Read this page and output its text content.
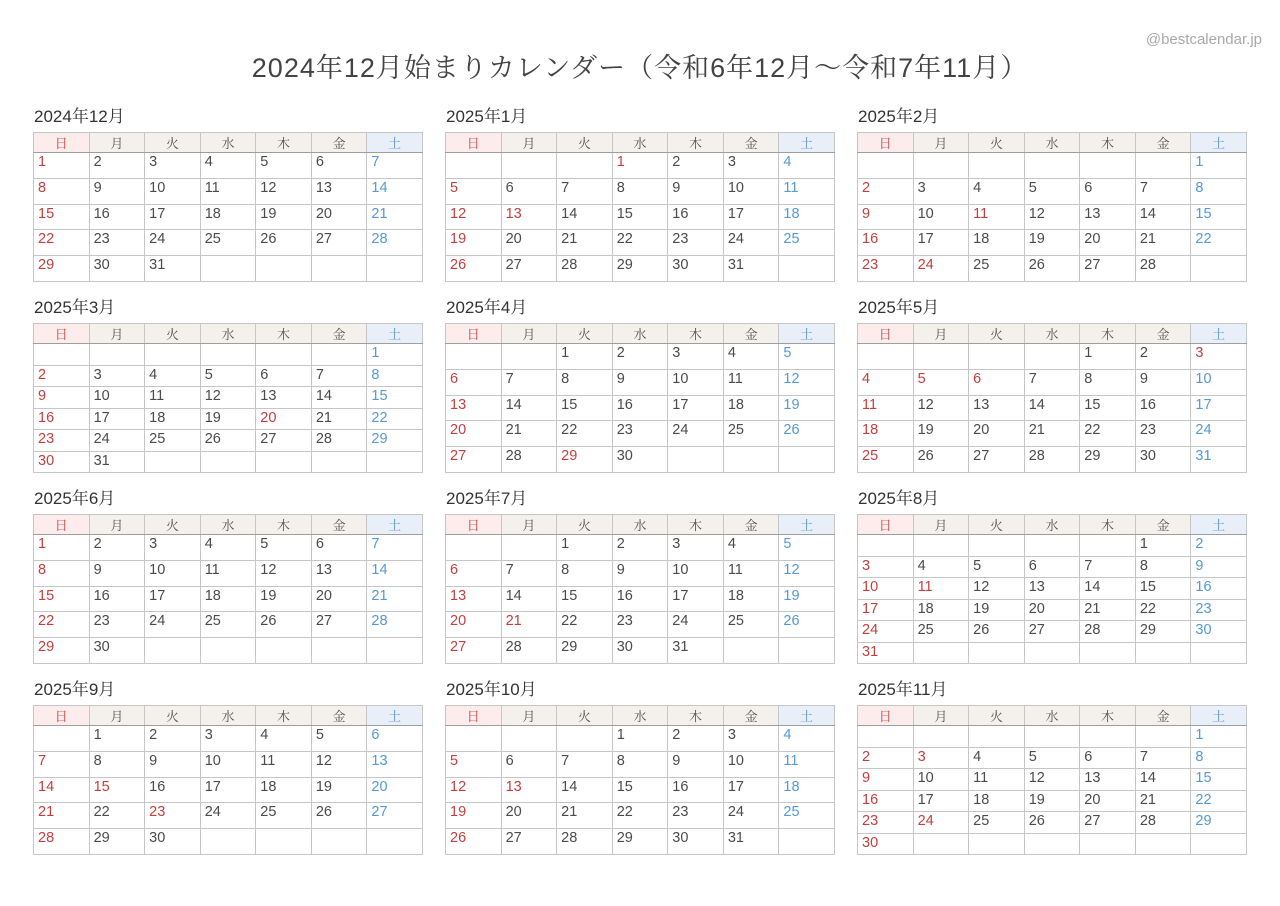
@bestcalendar.jp
2024年12月始まりカレンダー（令和6年12月～令和7年11月）
2024年12月
日	月	火	水	木	金	土
1	2	3	4	5	6	7
8	9	10	11	12	13	14
15	16	17	18	19	20	21
22	23	24	25	26	27	28
29	30	31				
2025年1月
日	月	火	水	木	金	土
			1	2	3	4
5	6	7	8	9	10	11
12	13	14	15	16	17	18
19	20	21	22	23	24	25
26	27	28	29	30	31	
2025年2月
日	月	火	水	木	金	土
						1
2	3	4	5	6	7	8
9	10	11	12	13	14	15
16	17	18	19	20	21	22
23	24	25	26	27	28	
2025年3月
日	月	火	水	木	金	土
						1
2	3	4	5	6	7	8
9	10	11	12	13	14	15
16	17	18	19	20	21	22
23	24	25	26	27	28	29
30	31					
2025年4月
日	月	火	水	木	金	土
		1	2	3	4	5
6	7	8	9	10	11	12
13	14	15	16	17	18	19
20	21	22	23	24	25	26
27	28	29	30			
2025年5月
日	月	火	水	木	金	土
				1	2	3
4	5	6	7	8	9	10
11	12	13	14	15	16	17
18	19	20	21	22	23	24
25	26	27	28	29	30	31
2025年6月
日	月	火	水	木	金	土
1	2	3	4	5	6	7
8	9	10	11	12	13	14
15	16	17	18	19	20	21
22	23	24	25	26	27	28
29	30					
2025年7月
日	月	火	水	木	金	土
		1	2	3	4	5
6	7	8	9	10	11	12
13	14	15	16	17	18	19
20	21	22	23	24	25	26
27	28	29	30	31		
2025年8月
日	月	火	水	木	金	土
					1	2
3	4	5	6	7	8	9
10	11	12	13	14	15	16
17	18	19	20	21	22	23
24	25	26	27	28	29	30
31						
2025年9月
日	月	火	水	木	金	土
	1	2	3	4	5	6
7	8	9	10	11	12	13
14	15	16	17	18	19	20
21	22	23	24	25	26	27
28	29	30				
2025年10月
日	月	火	水	木	金	土
			1	2	3	4
5	6	7	8	9	10	11
12	13	14	15	16	17	18
19	20	21	22	23	24	25
26	27	28	29	30	31	
2025年11月
日	月	火	水	木	金	土
						1
2	3	4	5	6	7	8
9	10	11	12	13	14	15
16	17	18	19	20	21	22
23	24	25	26	27	28	29
30						
